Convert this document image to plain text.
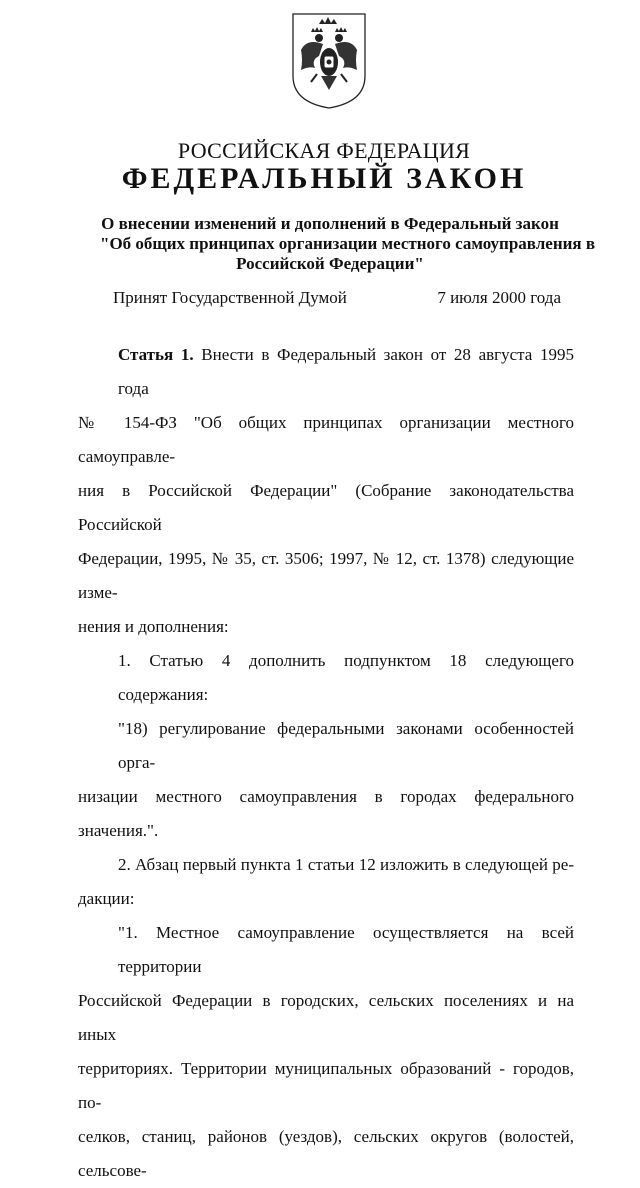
РОССИЙСКАЯ ФЕДЕРАЦИЯ
ФЕДЕРАЛЬНЫЙ ЗАКОН
О внесении изменений и дополнений в Федеральный закон
"Об общих принципах организации местного самоуправления в
Российской Федерации"
Принят Государственной Думой	7 июля 2000 года
Статья 1. Внести в Федеральный закон от 28 августа 1995 года
№ 154-ФЗ "Об общих принципах организации местного самоуправле-
ния в Российской Федерации" (Собрание законодательства Российской
Федерации, 1995, № 35, ст. 3506; 1997, № 12, ст. 1378) следующие изме-
нения и дополнения:
1. Статью 4 дополнить подпунктом 18 следующего содержания:
"18) регулирование федеральными законами особенностей орга-
низации местного самоуправления в городах федерального значения.".
2. Абзац первый пункта 1 статьи 12 изложить в следующей ре-
дакции:
"1. Местное самоуправление осуществляется на всей территории
Российской Федерации в городских, сельских поселениях и на иных
территориях. Территории муниципальных образований - городов, по-
селков, станиц, районов (уездов), сельских округов (волостей, сельсове-
